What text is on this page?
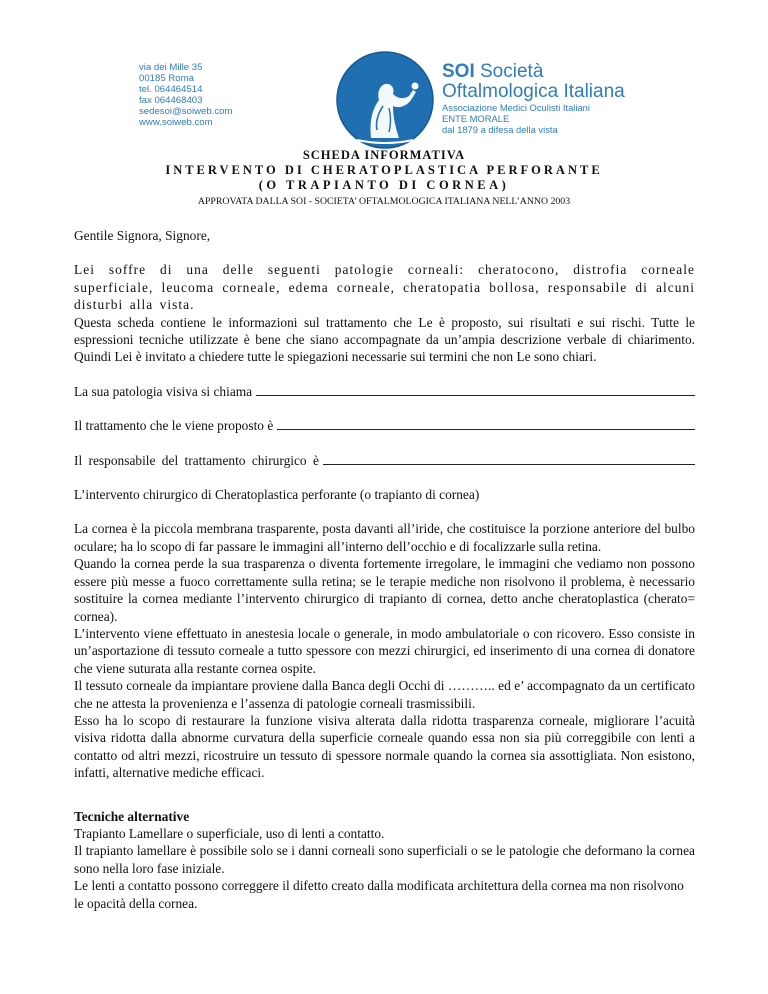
via dei Mille 35
00185 Roma
tel. 064464514
fax 064468403
sedesoi@soiweb.com
www.soiweb.com
SOI Società
Oftalmologica Italiana
Associazione Medici Oculisti Italiani
ENTE MORALE
dal 1879 a difesa della vista
SCHEDA INFORMATIVA
INTERVENTO DI CHERATOPLASTICA PERFORANTE
(O TRAPIANTO DI CORNEA)
APPROVATA DALLA SOI - SOCIETA’ OFTALMOLOGICA ITALIANA NELL’ANNO 2003

Gentile Signora, Signore,

Lei soffre di una delle seguenti patologie corneali: cheratocono, distrofia corneale superficiale, leucoma corneale, edema corneale, cheratopatia bollosa, responsabile di alcuni disturbi alla vista.

Questa scheda contiene le informazioni sul trattamento che Le è proposto, sui risultati e sui rischi. Tutte le espressioni tecniche utilizzate è bene che siano accompagnate da un’ampia descrizione verbale di chiarimento. Quindi Lei è invitato a chiedere tutte le spiegazioni necessarie sui termini che non Le sono chiari.

La sua patologia visiva si chiama
Il trattamento che le viene proposto è
Il responsabile del trattamento chirurgico è

L’intervento chirurgico di Cheratoplastica perforante (o trapianto di cornea)

La cornea è la piccola membrana trasparente, posta davanti all’iride, che costituisce la porzione anteriore del bulbo oculare; ha lo scopo di far passare le immagini all’interno dell’occhio e di focalizzarle sulla retina.

Quando la cornea perde la sua trasparenza o diventa fortemente irregolare, le immagini che vediamo non possono essere più messe a fuoco correttamente sulla retina; se le terapie mediche non risolvono il problema, è necessario sostituire la cornea mediante l’intervento chirurgico di trapianto di cornea, detto anche cheratoplastica (cherato= cornea).

L’intervento viene effettuato in anestesia locale o generale, in modo ambulatoriale o con ricovero. Esso consiste in un’asportazione di tessuto corneale a tutto spessore con mezzi chirurgici, ed inserimento di una cornea di donatore che viene suturata alla restante cornea ospite.

Il tessuto corneale da impiantare proviene dalla Banca degli Occhi di ……….. ed e’ accompagnato da un certificato che ne attesta la provenienza e l’assenza di patologie corneali trasmissibili.

Esso ha lo scopo di restaurare la funzione visiva alterata dalla ridotta trasparenza corneale, migliorare l’acuità visiva ridotta dalla abnorme curvatura della superficie corneale quando essa non sia più correggibile con lenti a contatto od altri mezzi, ricostruire un tessuto di spessore normale quando la cornea sia assottigliata. Non esistono, infatti, alternative mediche efficaci.

Tecniche alternative

Trapianto Lamellare o superficiale, uso di lenti a contatto.

Il trapianto lamellare è possibile solo se i danni corneali sono superficiali o se le patologie che deformano la cornea sono nella loro fase iniziale.

Le lenti a contatto possono correggere il difetto creato dalla modificata architettura della cornea ma non risolvono le opacità della cornea.
